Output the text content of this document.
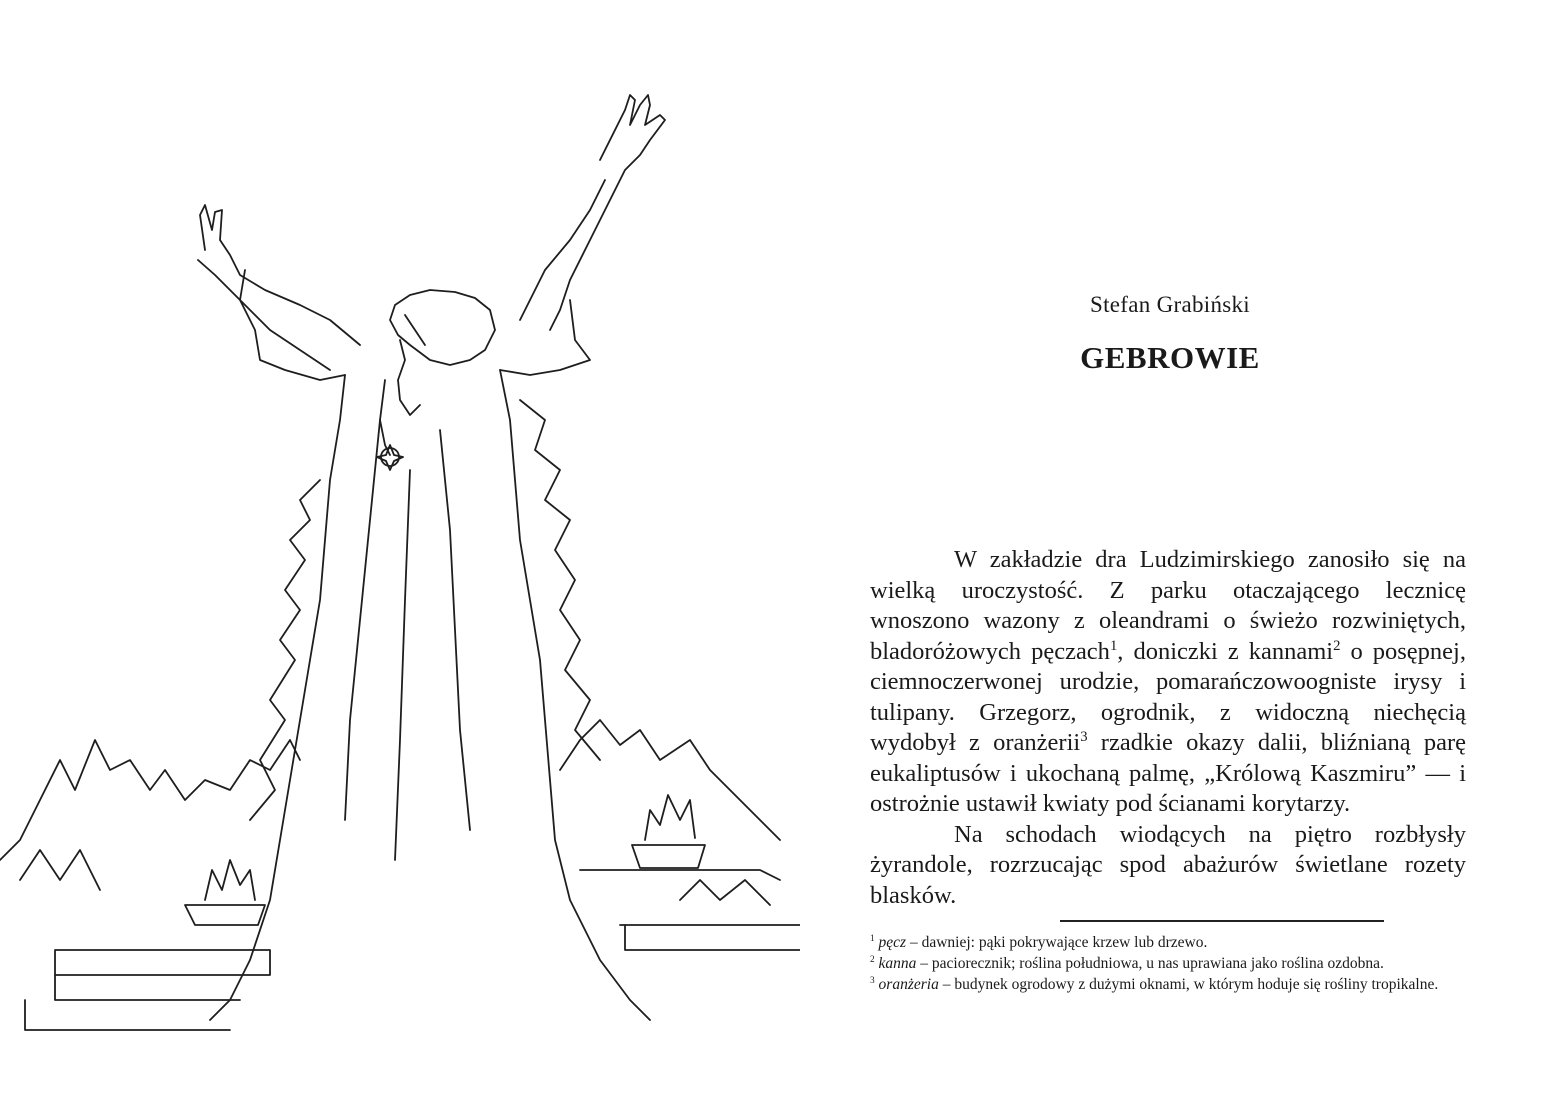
Stefan Grabiński
GEBROWIE

W zakładzie dra Ludzimirskiego zanosiło się na wielką uroczystość. Z parku otaczającego lecznicę wnoszono wazony z oleandrami o świeżo rozwiniętych, bladoróżowych pęczach$^1$, doniczki z kannami$^2$ o posępnej, ciemnoczerwonej urodzie, pomarańczowoogniste irysy i tulipany. Grzegorz, ogrodnik, z widoczną niechęcią wydobył z oranżerii$^3$ rzadkie okazy dalii, bliźnianą parę eukaliptusów i ukochaną palmę, „Królową Kaszmiru” — i ostrożnie ustawił kwiaty pod ścianami korytarzy.

Na schodach wiodących na piętro rozbłysły żyrandole, rozrzucając spod abażurów świetlane rozety blasków.

$^1$ pęcz – dawniej: pąki pokrywające krzew lub drzewo.

$^2$ kanna – paciorecznik; roślina południowa, u nas uprawiana jako roślina ozdobna.

$^3$ oranżeria – budynek ogrodowy z dużymi oknami, w którym hoduje się rośliny tropikalne.
